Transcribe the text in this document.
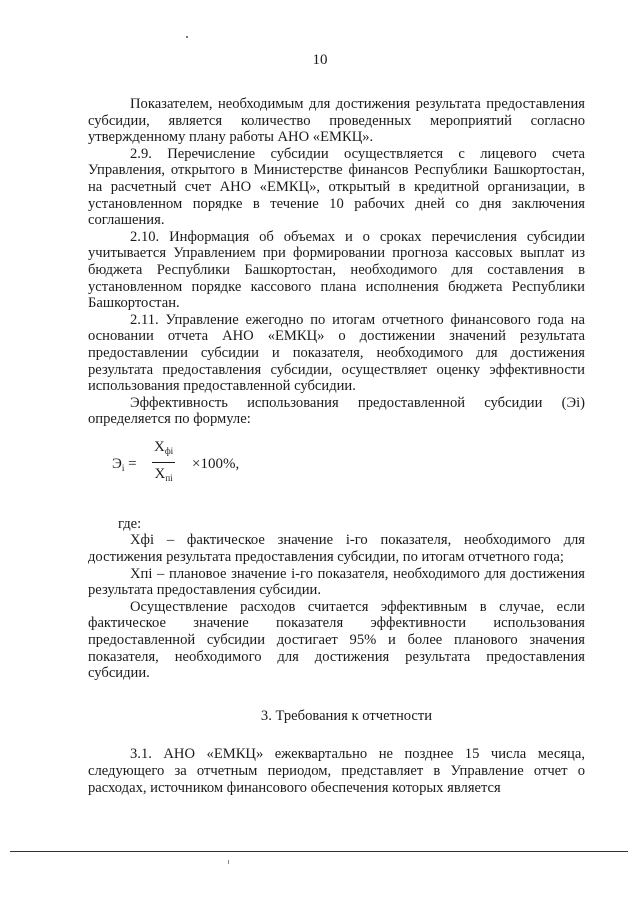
10

Показателем, необходимым для достижения результата предоставления субсидии, является количество проведенных мероприятий согласно утвержденному плану работы АНО «ЕМКЦ».

2.9. Перечисление субсидии осуществляется с лицевого счета Управления, открытого в Министерстве финансов Республики Башкортостан, на расчетный счет АНО «ЕМКЦ», открытый в кредитной организации, в установленном порядке в течение 10 рабочих дней со дня заключения соглашения.

2.10. Информация об объемах и о сроках перечисления субсидии учитывается Управлением при формировании прогноза кассовых выплат из бюджета Республики Башкортостан, необходимого для составления в установленном порядке кассового плана исполнения бюджета Республики Башкортостан.

2.11. Управление ежегодно по итогам отчетного финансового года на основании отчета АНО «ЕМКЦ» о достижении значений результата предоставлении субсидии и показателя, необходимого для достижения результата предоставления субсидии, осуществляет оценку эффективности использования предоставленной субсидии.

Эффективность использования предоставленной субсидии (Эi) определяется по формуле:

$Э_i$ =
$X_{фi}$
$X_{пi}$
×100%,

где:

Хфi – фактическое значение i-го показателя, необходимого для достижения результата предоставления субсидии, по итогам отчетного года;

Хпi – плановое значение i-го показателя, необходимого для достижения результата предоставления субсидии.

Осуществление расходов считается эффективным в случае, если фактическое значение показателя эффективности использования предоставленной субсидии достигает 95% и более планового значения показателя, необходимого для достижения результата предоставления субсидии.

3. Требования к отчетности

3.1. АНО «ЕМКЦ» ежеквартально не позднее 15 числа месяца, следующего за отчетным периодом, представляет в Управление отчет о расходах, источником финансового обеспечения которых является
